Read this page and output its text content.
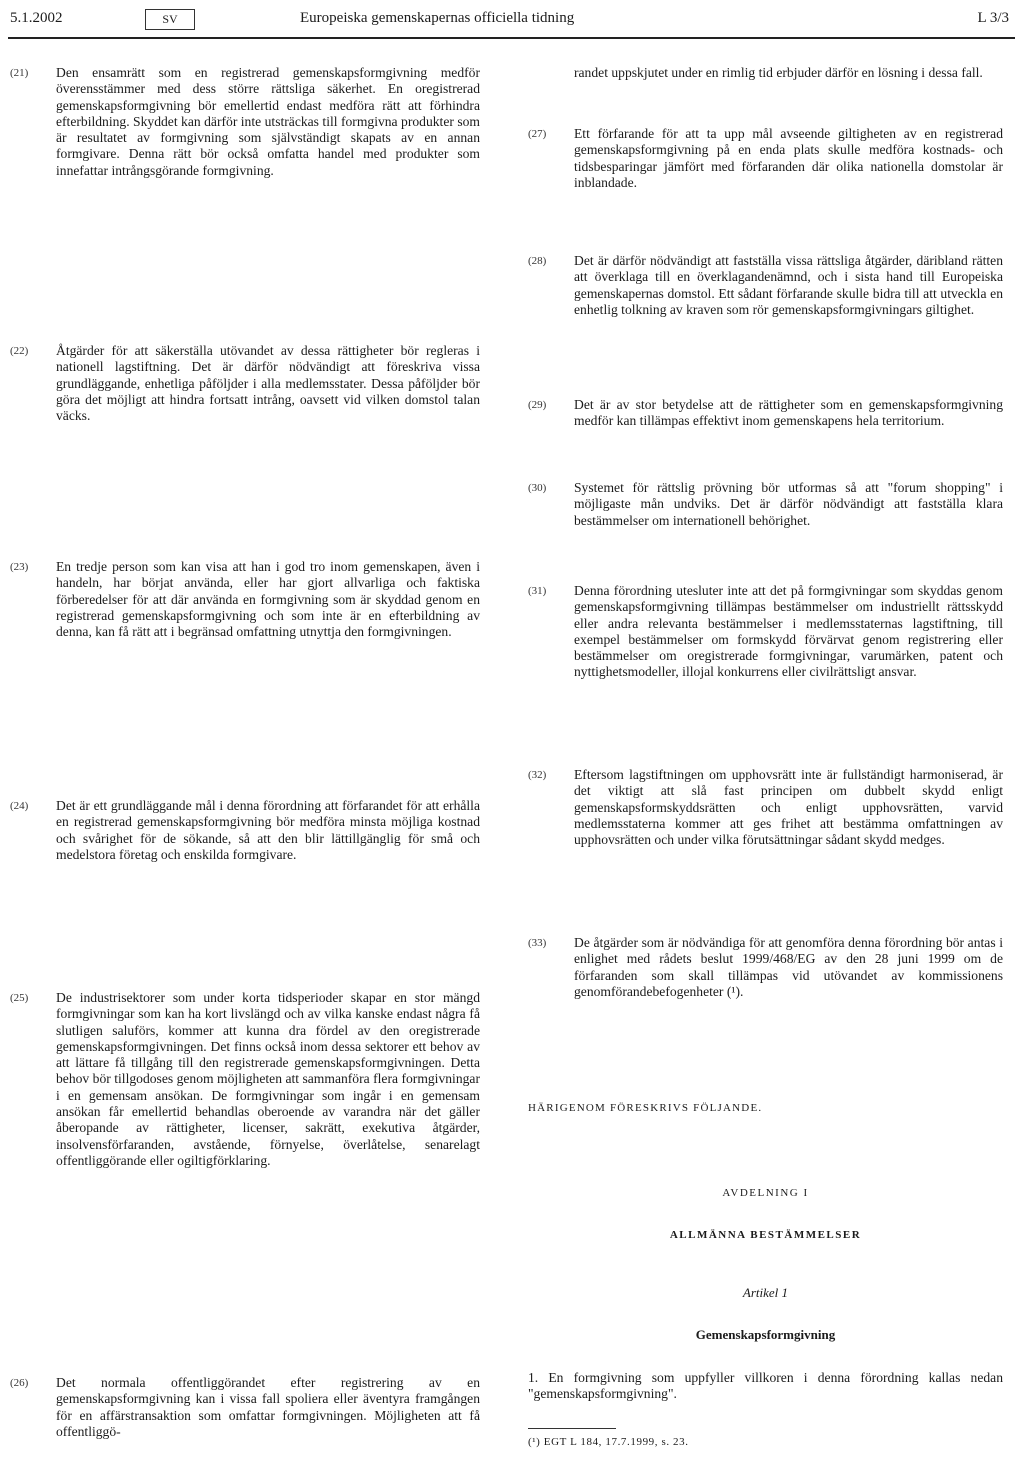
5.1.2002	SV	Europeiska gemenskapernas officiella tidning	L 3/3
(21)	Den ensamrätt som en registrerad gemenskapsformgivning medför överensstämmer med dess större rättsliga säkerhet. En oregistrerad gemenskapsformgivning bör emellertid endast medföra rätt att förhindra efterbildning. Skyddet kan därför inte utsträckas till formgivna produkter som är resultatet av formgivning som självständigt skapats av en annan formgivare. Denna rätt bör också omfatta handel med produkter som innefattar intrångsgörande formgivning.
(22)	Åtgärder för att säkerställa utövandet av dessa rättigheter bör regleras i nationell lagstiftning. Det är därför nödvändigt att föreskriva vissa grundläggande, enhetliga påföljder i alla medlemsstater. Dessa påföljder bör göra det möjligt att hindra fortsatt intrång, oavsett vid vilken domstol talan väcks.
(23)	En tredje person som kan visa att han i god tro inom gemenskapen, även i handeln, har börjat använda, eller har gjort allvarliga och faktiska förberedelser för att där använda en formgivning som är skyddad genom en registrerad gemenskapsformgivning och som inte är en efterbildning av denna, kan få rätt att i begränsad omfattning utnyttja den formgivningen.
(24)	Det är ett grundläggande mål i denna förordning att förfarandet för att erhålla en registrerad gemenskapsformgivning bör medföra minsta möjliga kostnad och svårighet för de sökande, så att den blir lättillgänglig för små och medelstora företag och enskilda formgivare.
(25)	De industrisektorer som under korta tidsperioder skapar en stor mängd formgivningar som kan ha kort livslängd och av vilka kanske endast några få slutligen saluförs, kommer att kunna dra fördel av den oregistrerade gemenskapsformgivningen. Det finns också inom dessa sektorer ett behov av att lättare få tillgång till den registrerade gemenskapsformgivningen. Detta behov bör tillgodoses genom möjligheten att sammanföra flera formgivningar i en gemensam ansökan. De formgivningar som ingår i en gemensam ansökan får emellertid behandlas oberoende av varandra när det gäller åberopande av rättigheter, licenser, sakrätt, exekutiva åtgärder, insolvensförfaranden, avstående, förnyelse, överlåtelse, senarelagt offentliggörande eller ogiltigförklaring.
(26)	Det normala offentliggörandet efter registrering av en gemenskapsformgivning kan i vissa fall spoliera eller äventyra framgången för en affärstransaktion som omfattar formgivningen. Möjligheten att få offentliggö-
randet uppskjutet under en rimlig tid erbjuder därför en lösning i dessa fall.
(27)	Ett förfarande för att ta upp mål avseende giltigheten av en registrerad gemenskapsformgivning på en enda plats skulle medföra kostnads- och tidsbesparingar jämfört med förfaranden där olika nationella domstolar är inblandade.
(28)	Det är därför nödvändigt att fastställa vissa rättsliga åtgärder, däribland rätten att överklaga till en överklagandenämnd, och i sista hand till Europeiska gemenskapernas domstol. Ett sådant förfarande skulle bidra till att utveckla en enhetlig tolkning av kraven som rör gemenskapsformgivningars giltighet.
(29)	Det är av stor betydelse att de rättigheter som en gemenskapsformgivning medför kan tillämpas effektivt inom gemenskapens hela territorium.
(30)	Systemet för rättslig prövning bör utformas så att "forum shopping" i möjligaste mån undviks. Det är därför nödvändigt att fastställa klara bestämmelser om internationell behörighet.
(31)	Denna förordning utesluter inte att det på formgivningar som skyddas genom gemenskapsformgivning tillämpas bestämmelser om industriellt rättsskydd eller andra relevanta bestämmelser i medlemsstaternas lagstiftning, till exempel bestämmelser om formskydd förvärvat genom registrering eller bestämmelser om oregistrerade formgivningar, varumärken, patent och nyttighetsmodeller, illojal konkurrens eller civilrättsligt ansvar.
(32)	Eftersom lagstiftningen om upphovsrätt inte är fullständigt harmoniserad, är det viktigt att slå fast principen om dubbelt skydd enligt gemenskapsformskyddsrätten och enligt upphovsrätten, varvid medlemsstaterna kommer att ges frihet att bestämma omfattningen av upphovsrätten och under vilka förutsättningar sådant skydd medges.
(33)	De åtgärder som är nödvändiga för att genomföra denna förordning bör antas i enlighet med rådets beslut 1999/468/EG av den 28 juni 1999 om de förfaranden som skall tillämpas vid utövandet av kommissionens genomförandebefogenheter (¹).
HÄRIGENOM FÖRESKRIVS FÖLJANDE.
AVDELNING I
ALLMÄNNA BESTÄMMELSER
Artikel 1
Gemenskapsformgivning
1. En formgivning som uppfyller villkoren i denna förordning kallas nedan "gemenskapsformgivning".
(¹) EGT L 184, 17.7.1999, s. 23.
